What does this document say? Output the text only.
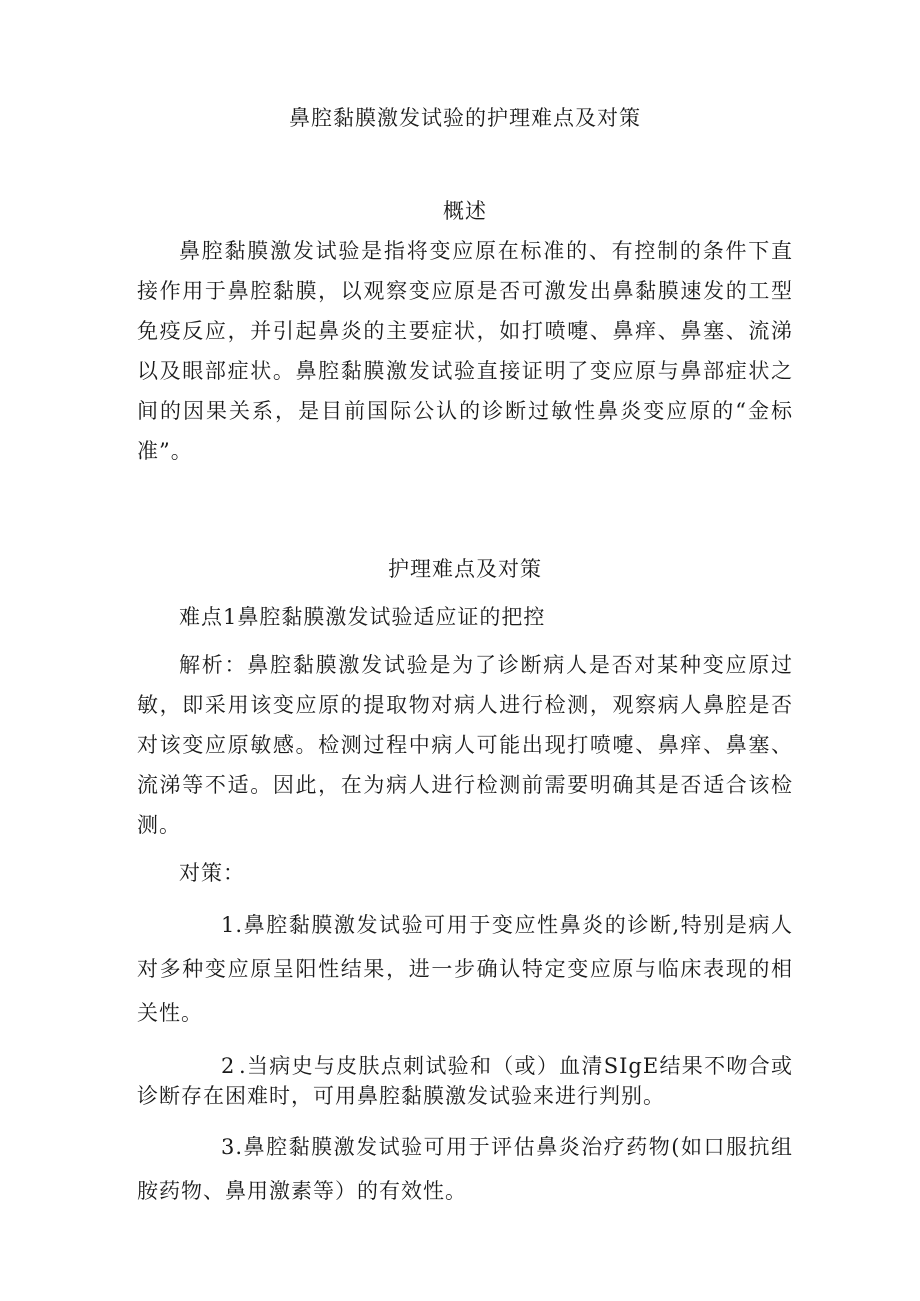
鼻腔黏膜激发试验的护理难点及对策
概述

鼻腔黏膜激发试验是指将变应原在标准的、有控制的条件下直接作用于鼻腔黏膜，以观察变应原是否可激发出鼻黏膜速发的工型免疫反应，并引起鼻炎的主要症状，如打喷嚏、鼻痒、鼻塞、流涕以及眼部症状。鼻腔黏膜激发试验直接证明了变应原与鼻部症状之间的因果关系，是目前国际公认的诊断过敏性鼻炎变应原的“金标准”。

护理难点及对策

难点1鼻腔黏膜激发试验适应证的把控

解析：鼻腔黏膜激发试验是为了诊断病人是否对某种变应原过敏，即采用该变应原的提取物对病人进行检测，观察病人鼻腔是否对该变应原敏感。检测过程中病人可能出现打喷嚏、鼻痒、鼻塞、流涕等不适。因此，在为病人进行检测前需要明确其是否适合该检测。

对策：

1.鼻腔黏膜激发试验可用于变应性鼻炎的诊断,特别是病人对多种变应原呈阳性结果，进一步确认特定变应原与临床表现的相关性。

2 .当病史与皮肤点刺试验和（或）血清SIgE结果不吻合或诊断存在困难时，可用鼻腔黏膜激发试验来进行判别。

3.鼻腔黏膜激发试验可用于评估鼻炎治疗药物(如口服抗组胺药物、鼻用激素等）的有效性。
